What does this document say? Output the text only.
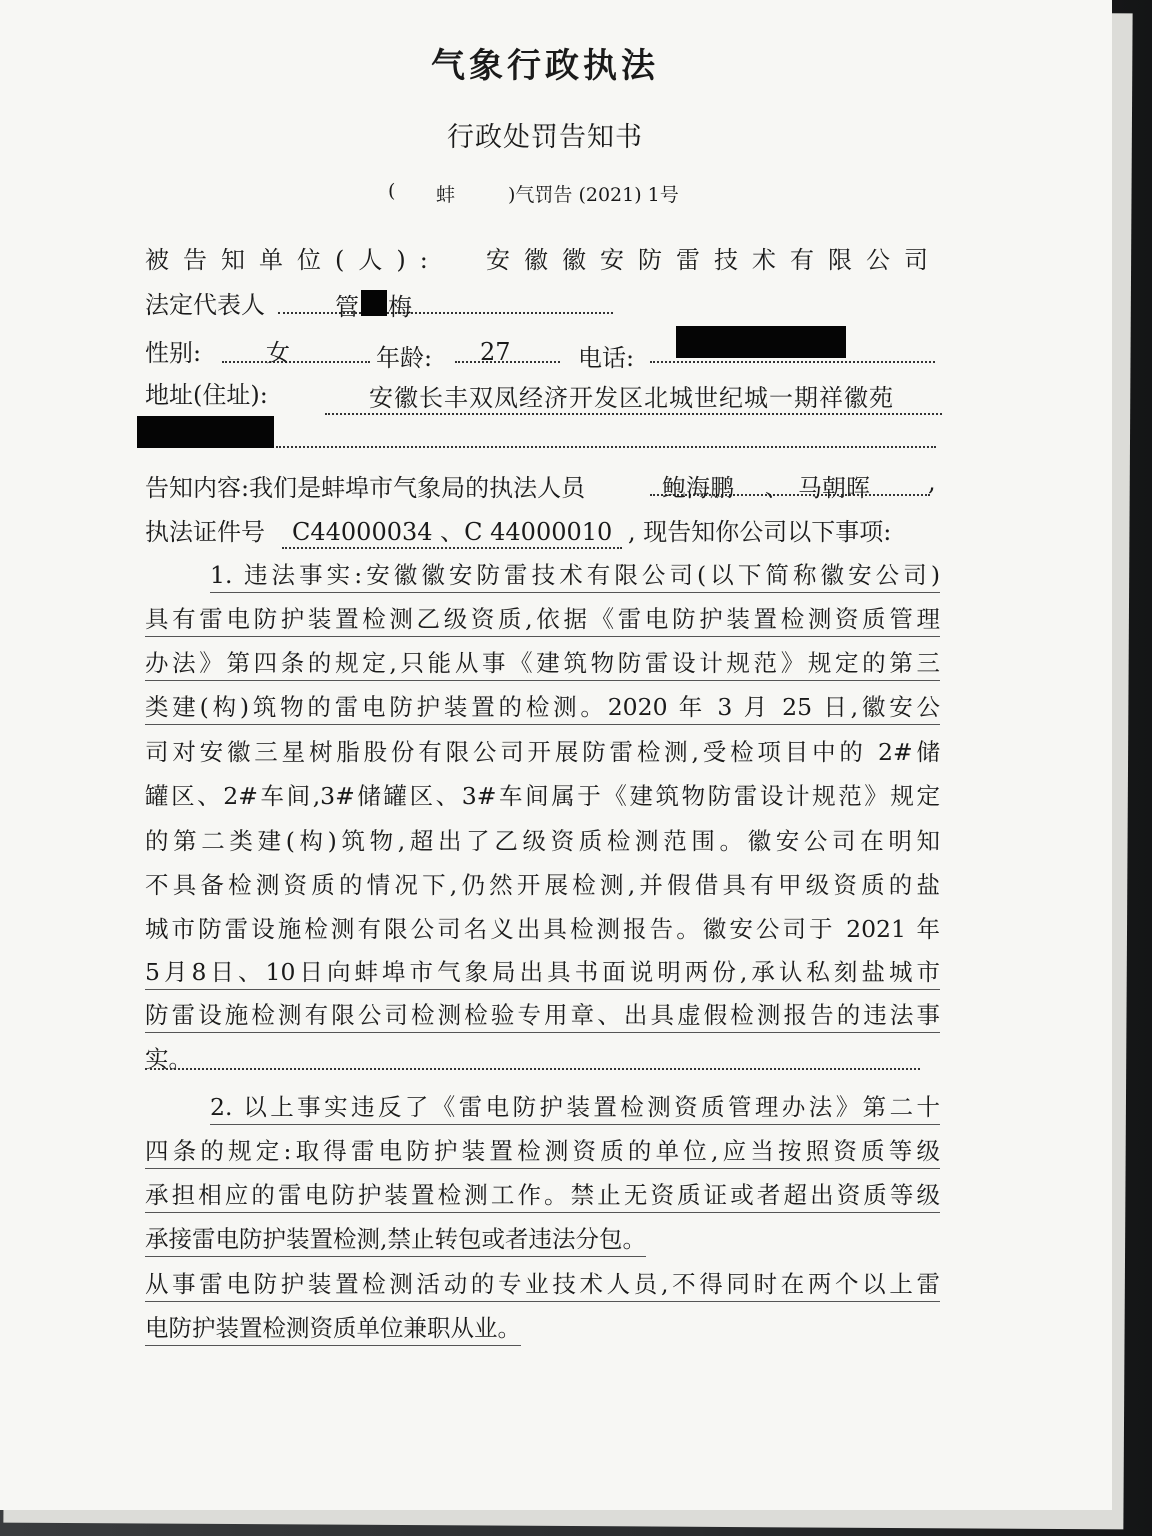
气象行政执法
行政处罚告知书
( 蚌	)气罚告 (2021) 1号
被告知单位(人): 安徽徽安防雷技术有限公司
法定代表人	管 梅
性别:	女	年龄: 27	电话:
地址(住址):	安徽长丰双凤经济开发区北城世纪城一期祥徽苑
告知内容:我们是蚌埠市气象局的执法人员	鲍海鹏 、 马朝晖 ,
执法证件号	C44000034 、C 44000010 , 现告知你公司以下事项:
1. 违法事实:安徽徽安防雷技术有限公司(以下简称徽安公司)
具有雷电防护装置检测乙级资质,依据《雷电防护装置检测资质管理
办法》第四条的规定,只能从事《建筑物防雷设计规范》规定的第三
类建(构)筑物的雷电防护装置的检测。2020 年 3 月 25 日,徽安公
司对安徽三星树脂股份有限公司开展防雷检测,受检项目中的 2#储
罐区、2#车间,3#储罐区、3#车间属于《建筑物防雷设计规范》规定
的第二类建(构)筑物,超出了乙级资质检测范围。徽安公司在明知
不具备检测资质的情况下,仍然开展检测,并假借具有甲级资质的盐
城市防雷设施检测有限公司名义出具检测报告。徽安公司于 2021 年
5月8日、10日向蚌埠市气象局出具书面说明两份,承认私刻盐城市
防雷设施检测有限公司检测检验专用章、出具虚假检测报告的违法事
实。
2. 以上事实违反了《雷电防护装置检测资质管理办法》第二十
四条的规定:取得雷电防护装置检测资质的单位,应当按照资质等级
承担相应的雷电防护装置检测工作。禁止无资质证或者超出资质等级
承接雷电防护装置检测,禁止转包或者违法分包。
从事雷电防护装置检测活动的专业技术人员,不得同时在两个以上雷
电防护装置检测资质单位兼职从业。
